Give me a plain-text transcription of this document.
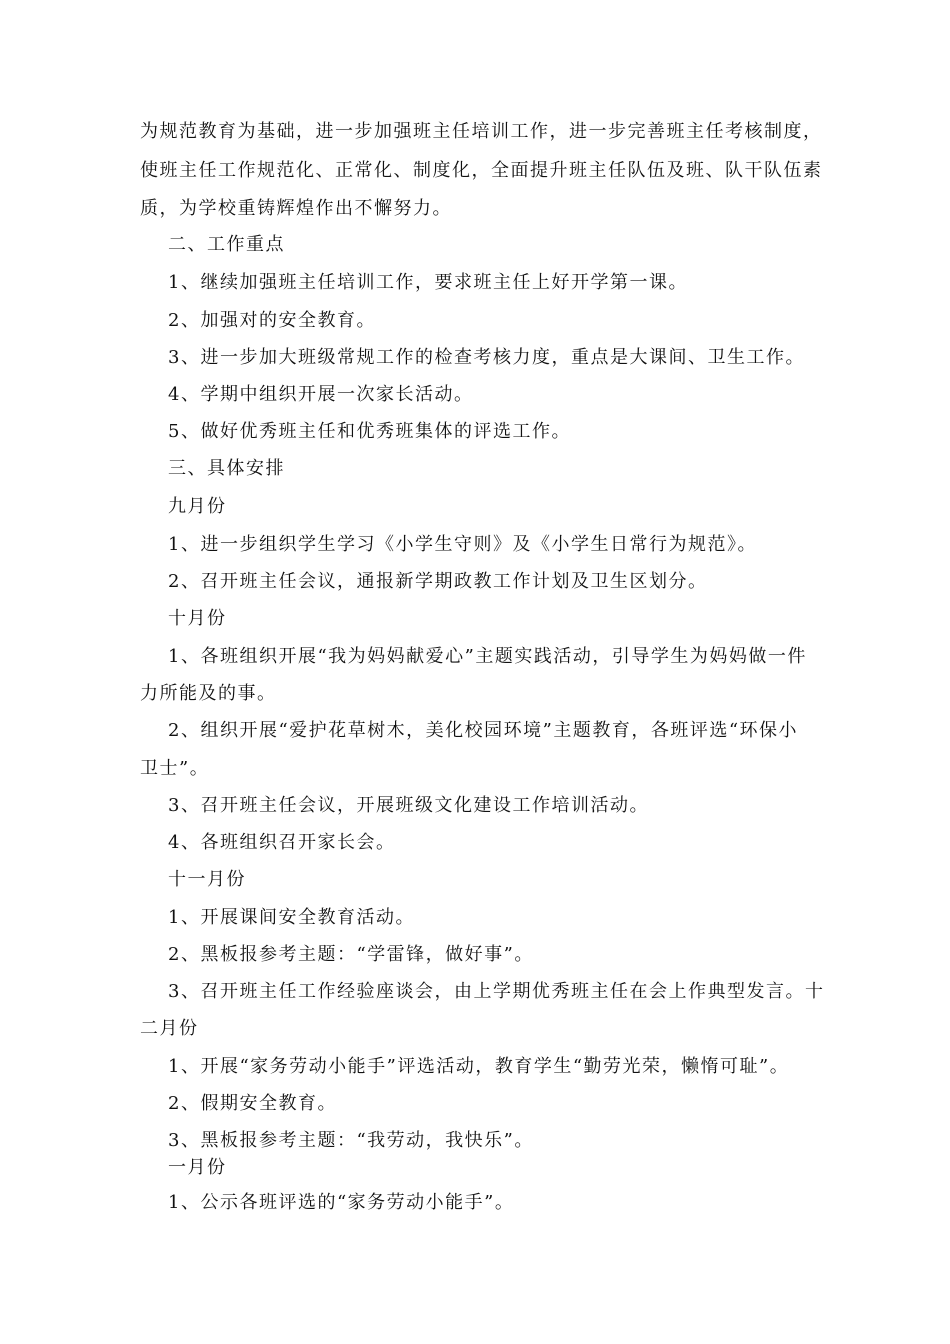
为规范教育为基础，进一步加强班主任培训工作，进一步完善班主任考核制度，
使班主任工作规范化、正常化、制度化，全面提升班主任队伍及班、队干队伍素
质，为学校重铸辉煌作出不懈努力。
二、工作重点
1、继续加强班主任培训工作，要求班主任上好开学第一课。
2、加强对的安全教育。
3、进一步加大班级常规工作的检查考核力度，重点是大课间、卫生工作。
4、学期中组织开展一次家长活动。
5、做好优秀班主任和优秀班集体的评选工作。
三、具体安排
九月份
1、进一步组织学生学习《小学生守则》及《小学生日常行为规范》。
2、召开班主任会议，通报新学期政教工作计划及卫生区划分。
十月份
1、各班组织开展“我为妈妈献爱心”主题实践活动，引导学生为妈妈做一件
力所能及的事。
2、组织开展“爱护花草树木，美化校园环境”主题教育，各班评选“环保小
卫士”。
3、召开班主任会议，开展班级文化建设工作培训活动。
4、各班组织召开家长会。
十一月份
1、开展课间安全教育活动。
2、黑板报参考主题：“学雷锋，做好事”。
3、召开班主任工作经验座谈会，由上学期优秀班主任在会上作典型发言。十
二月份
1、开展“家务劳动小能手”评选活动，教育学生“勤劳光荣，懒惰可耻”。
2、假期安全教育。
3、黑板报参考主题：“我劳动，我快乐”。
一月份
1、公示各班评选的“家务劳动小能手”。
